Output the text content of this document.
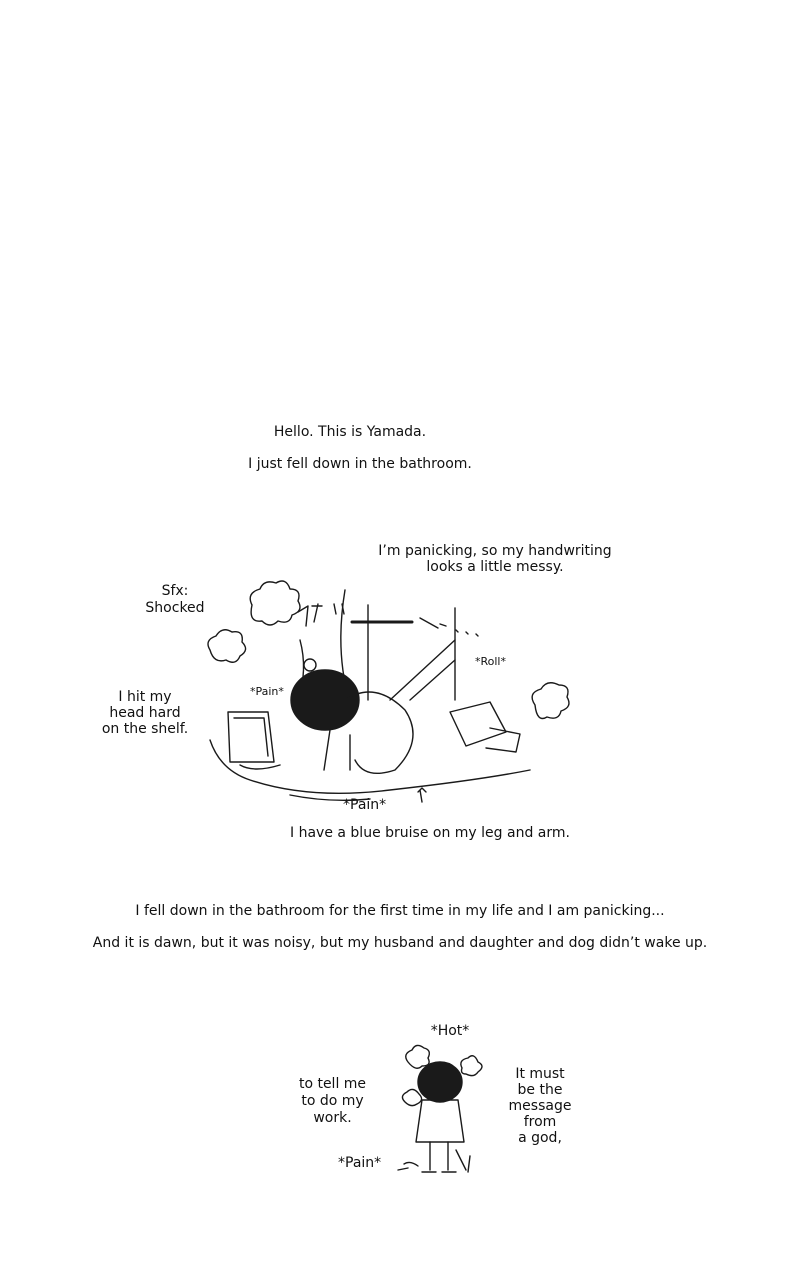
Hello. This is Yamada.
I just fell down in the bathroom.
I’m panicking, so my handwriting
looks a little messy.
Sfx:
Shocked
I hit my
head hard
on the shelf.
*Pain*
*Roll*
*Pain*
I have a blue bruise on my leg and arm.
I fell down in the bathroom for the first time in my life and I am panicking...
And it is dawn, but it was noisy, but my husband and daughter and dog didn’t wake up.
*Hot*
to tell me
to do my
work.
It must
be the
message
from
a god,
*Pain*
